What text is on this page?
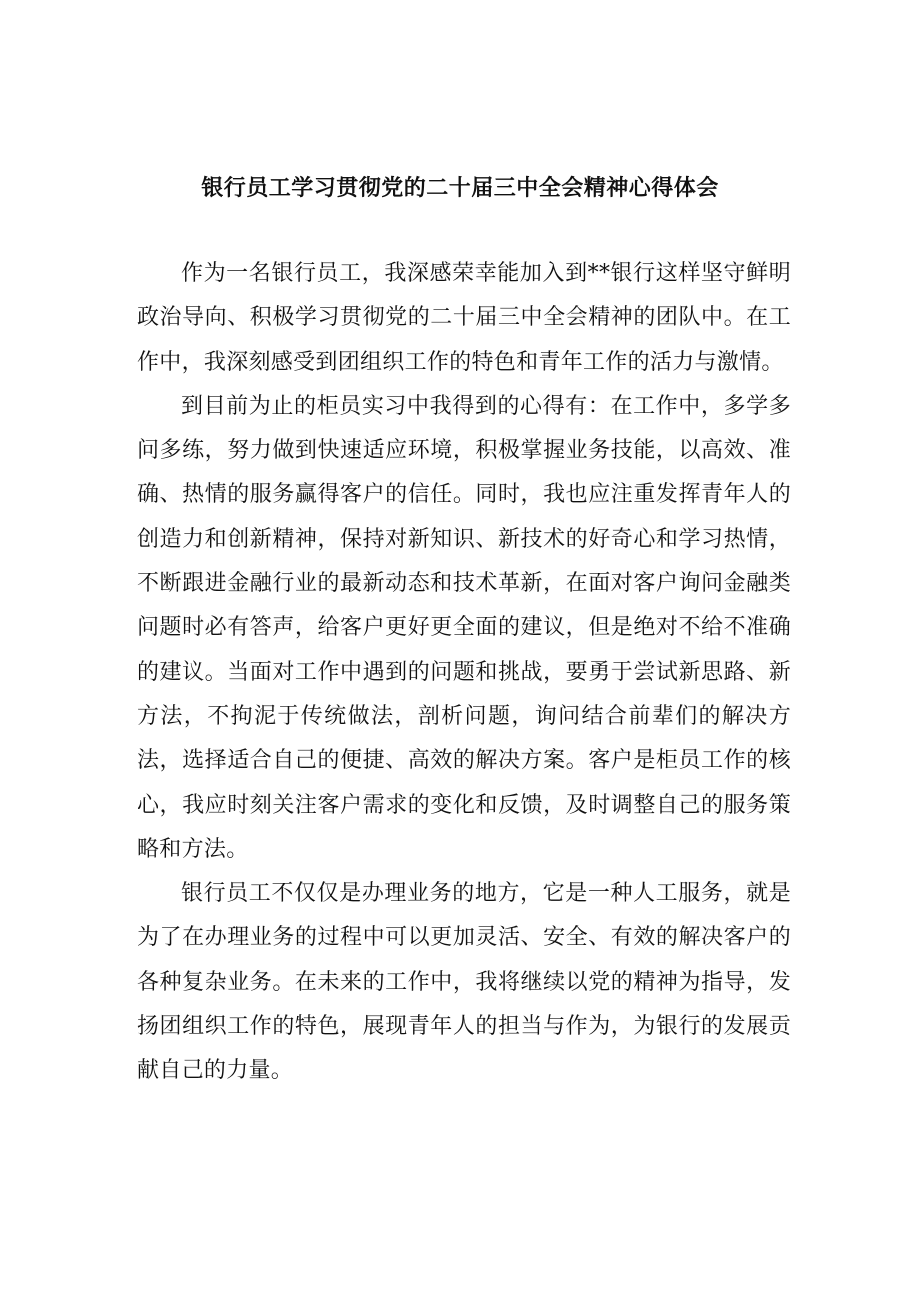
银行员工学习贯彻党的二十届三中全会精神心得体会

作为一名银行员工，我深感荣幸能加入到**银行这样坚守鲜明政治导向、积极学习贯彻党的二十届三中全会精神的团队中。在工作中，我深刻感受到团组织工作的特色和青年工作的活力与激情。

到目前为止的柜员实习中我得到的心得有：在工作中，多学多问多练，努力做到快速适应环境，积极掌握业务技能，以高效、准确、热情的服务赢得客户的信任。同时，我也应注重发挥青年人的创造力和创新精神，保持对新知识、新技术的好奇心和学习热情，不断跟进金融行业的最新动态和技术革新，在面对客户询问金融类问题时必有答声，给客户更好更全面的建议，但是绝对不给不准确的建议。当面对工作中遇到的问题和挑战，要勇于尝试新思路、新方法，不拘泥于传统做法，剖析问题，询问结合前辈们的解决方法，选择适合自己的便捷、高效的解决方案。客户是柜员工作的核心，我应时刻关注客户需求的变化和反馈，及时调整自己的服务策略和方法。

银行员工不仅仅是办理业务的地方，它是一种人工服务，就是为了在办理业务的过程中可以更加灵活、安全、有效的解决客户的各种复杂业务。在未来的工作中，我将继续以党的精神为指导，发扬团组织工作的特色，展现青年人的担当与作为，为银行的发展贡献自己的力量。
